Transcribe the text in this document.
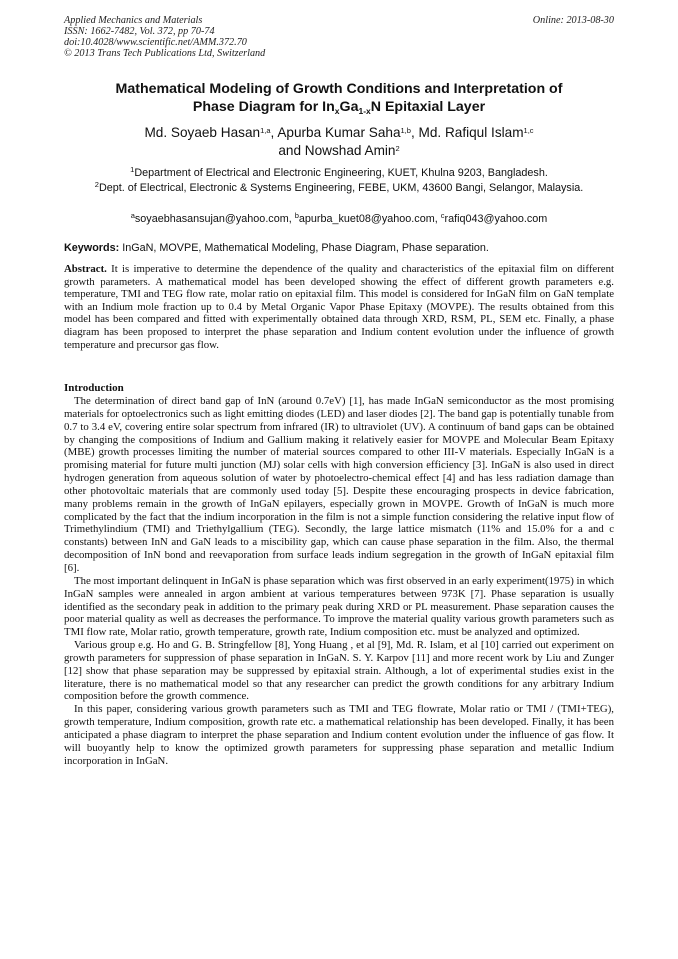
Applied Mechanics and Materials
ISSN: 1662-7482, Vol. 372, pp 70-74
doi:10.4028/www.scientific.net/AMM.372.70
© 2013 Trans Tech Publications Ltd, Switzerland
Online: 2013-08-30
Mathematical Modeling of Growth Conditions and Interpretation of
Phase Diagram for $In_xGa_{1-x}N$ Epitaxial Layer
Md. Soyaeb Hasan$^{1,a}$, Apurba Kumar Saha$^{1,b}$, Md. Rafiqul Islam$^{1,c}$
and Nowshad Amin$^2$
$^1$Department of Electrical and Electronic Engineering, KUET, Khulna 9203, Bangladesh.
$^2$Dept. of Electrical, Electronic & Systems Engineering, FEBE, UKM, 43600 Bangi, Selangor, Malaysia.
$^a$soyaebhasansujan@yahoo.com, $^b$apurba_kuet08@yahoo.com, $^c$rafiq043@yahoo.com
Keywords: InGaN, MOVPE, Mathematical Modeling, Phase Diagram, Phase separation.
Abstract. It is imperative to determine the dependence of the quality and characteristics of the epitaxial film on different growth parameters. A mathematical model has been developed showing the effect of different growth parameters e.g. temperature, TMI and TEG flow rate, molar ratio on epitaxial film. This model is considered for InGaN film on GaN template with an Indium mole fraction up to 0.4 by Metal Organic Vapor Phase Epitaxy (MOVPE). The results obtained from this model has been compared and fitted with experimentally obtained data through XRD, RSM, PL, SEM etc. Finally, a phase diagram has been proposed to interpret the phase separation and Indium content evolution under the influence of growth temperature and precursor gas flow.
Introduction

The determination of direct band gap of InN (around 0.7eV) [1], has made InGaN semiconductor as the most promising materials for optoelectronics such as light emitting diodes (LED) and laser diodes [2]. The band gap is potentially tunable from 0.7 to 3.4 eV, covering entire solar spectrum from infrared (IR) to ultraviolet (UV). A continuum of band gaps can be obtained by changing the compositions of Indium and Gallium making it relatively easier for MOVPE and Molecular Beam Epitaxy (MBE) growth processes limiting the number of material sources compared to other III-V materials. Especially InGaN is a promising material for future multi junction (MJ) solar cells with high conversion efficiency [3]. InGaN is also used in direct hydrogen generation from aqueous solution of water by photoelectro-chemical effect [4] and has less radiation damage than other photovoltaic materials that are commonly used today [5]. Despite these encouraging prospects in device fabrication, many problems remain in the growth of InGaN epilayers, especially grown in MOVPE. Growth of InGaN is much more complicated by the fact that the indium incorporation in the film is not a simple function considering the relative input flow of Trimethylindium (TMI) and Triethylgallium (TEG). Secondly, the large lattice mismatch (11% and 15.0% for a and c constants) between InN and GaN leads to a miscibility gap, which can cause phase separation in the film. Also, the thermal decomposition of InN bond and reevaporation from surface leads indium segregation in the growth of InGaN epitaxial film [6].

The most important delinquent in InGaN is phase separation which was first observed in an early experiment(1975) in which InGaN samples were annealed in argon ambient at various temperatures between 973K [7]. Phase separation is usually identified as the secondary peak in addition to the primary peak during XRD or PL measurement. Phase separation causes the poor material quality as well as decreases the performance. To improve the material quality various growth parameters such as TMI flow rate, Molar ratio, growth temperature, growth rate, Indium composition etc. must be analyzed and optimized.

Various group e.g. Ho and G. B. Stringfellow [8], Yong Huang , et al [9], Md. R. Islam, et al [10] carried out experiment on growth parameters for suppression of phase separation in InGaN. S. Y. Karpov [11] and more recent work by Liu and Zunger [12] show that phase separation may be suppressed by epitaxial strain. Although, a lot of experimental studies exist in the literature, there is no mathematical model so that any researcher can predict the growth conditions for any arbitrary Indium composition before the growth commence.

In this paper, considering various growth parameters such as TMI and TEG flowrate, Molar ratio or TMI / (TMI+TEG), growth temperature, Indium composition, growth rate etc. a mathematical relationship has been developed. Finally, it has been anticipated a phase diagram to interpret the phase separation and Indium content evolution under the influence of gas flow. It will buoyantly help to know the optimized growth parameters for suppressing phase separation and metallic Indium incorporation in InGaN.
